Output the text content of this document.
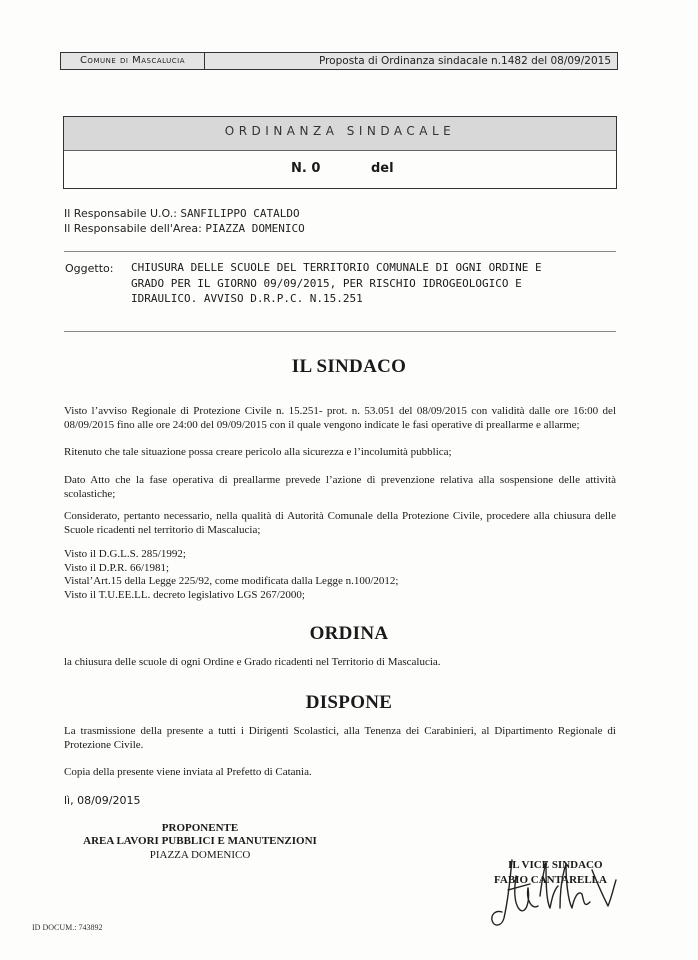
Comune di Mascalucia	Proposta di Ordinanza sindacale n.1482 del 08/09/2015
ORDINANZA SINDACALE
N. 0	del
Il Responsabile U.O.: SANFILIPPO CATALDO
Il Responsabile dell'Area: PIAZZA DOMENICO
Oggetto: CHIUSURA DELLE SCUOLE DEL TERRITORIO COMUNALE DI OGNI ORDINE E
GRADO PER IL GIORNO 09/09/2015, PER RISCHIO IDROGEOLOGICO E
IDRAULICO. AVVISO D.R.P.C. N.15.251
IL SINDACO
Visto l’avviso Regionale di Protezione Civile n. 15.251- prot. n. 53.051 del 08/09/2015 con validità dalle ore 16:00 del 08/09/2015 fino alle ore 24:00 del 09/09/2015 con il quale vengono indicate le fasi operative di preallarme e allarme;
Ritenuto che tale situazione possa creare pericolo alla sicurezza e l’incolumità pubblica;
Dato Atto che la fase operativa di preallarme prevede l’azione di prevenzione relativa alla sospensione delle attività scolastiche;
Considerato, pertanto necessario, nella qualità di Autorità Comunale della Protezione Civile, procedere alla chiusura delle Scuole ricadenti nel territorio di Mascalucia;
Visto il D.G.L.S. 285/1992;
Visto il D.P.R. 66/1981;
Vistal’Art.15 della Legge 225/92, come modificata dalla Legge n.100/2012;
Visto il T.U.EE.LL. decreto legislativo LGS 267/2000;
ORDINA
la chiusura delle scuole di ogni Ordine e Grado ricadenti nel Territorio di Mascalucia.
DISPONE
La trasmissione della presente a tutti i Dirigenti Scolastici, alla Tenenza dei Carabinieri, al Dipartimento Regionale di Protezione Civile.
Copia della presente viene inviata al Prefetto di Catania.
lì, 08/09/2015
PROPONENTE
AREA LAVORI PUBBLICI E MANUTENZIONI
PIAZZA DOMENICO
IL VICE SINDACO
FABIO CANTARELLA
ID DOCUM.: 743892
